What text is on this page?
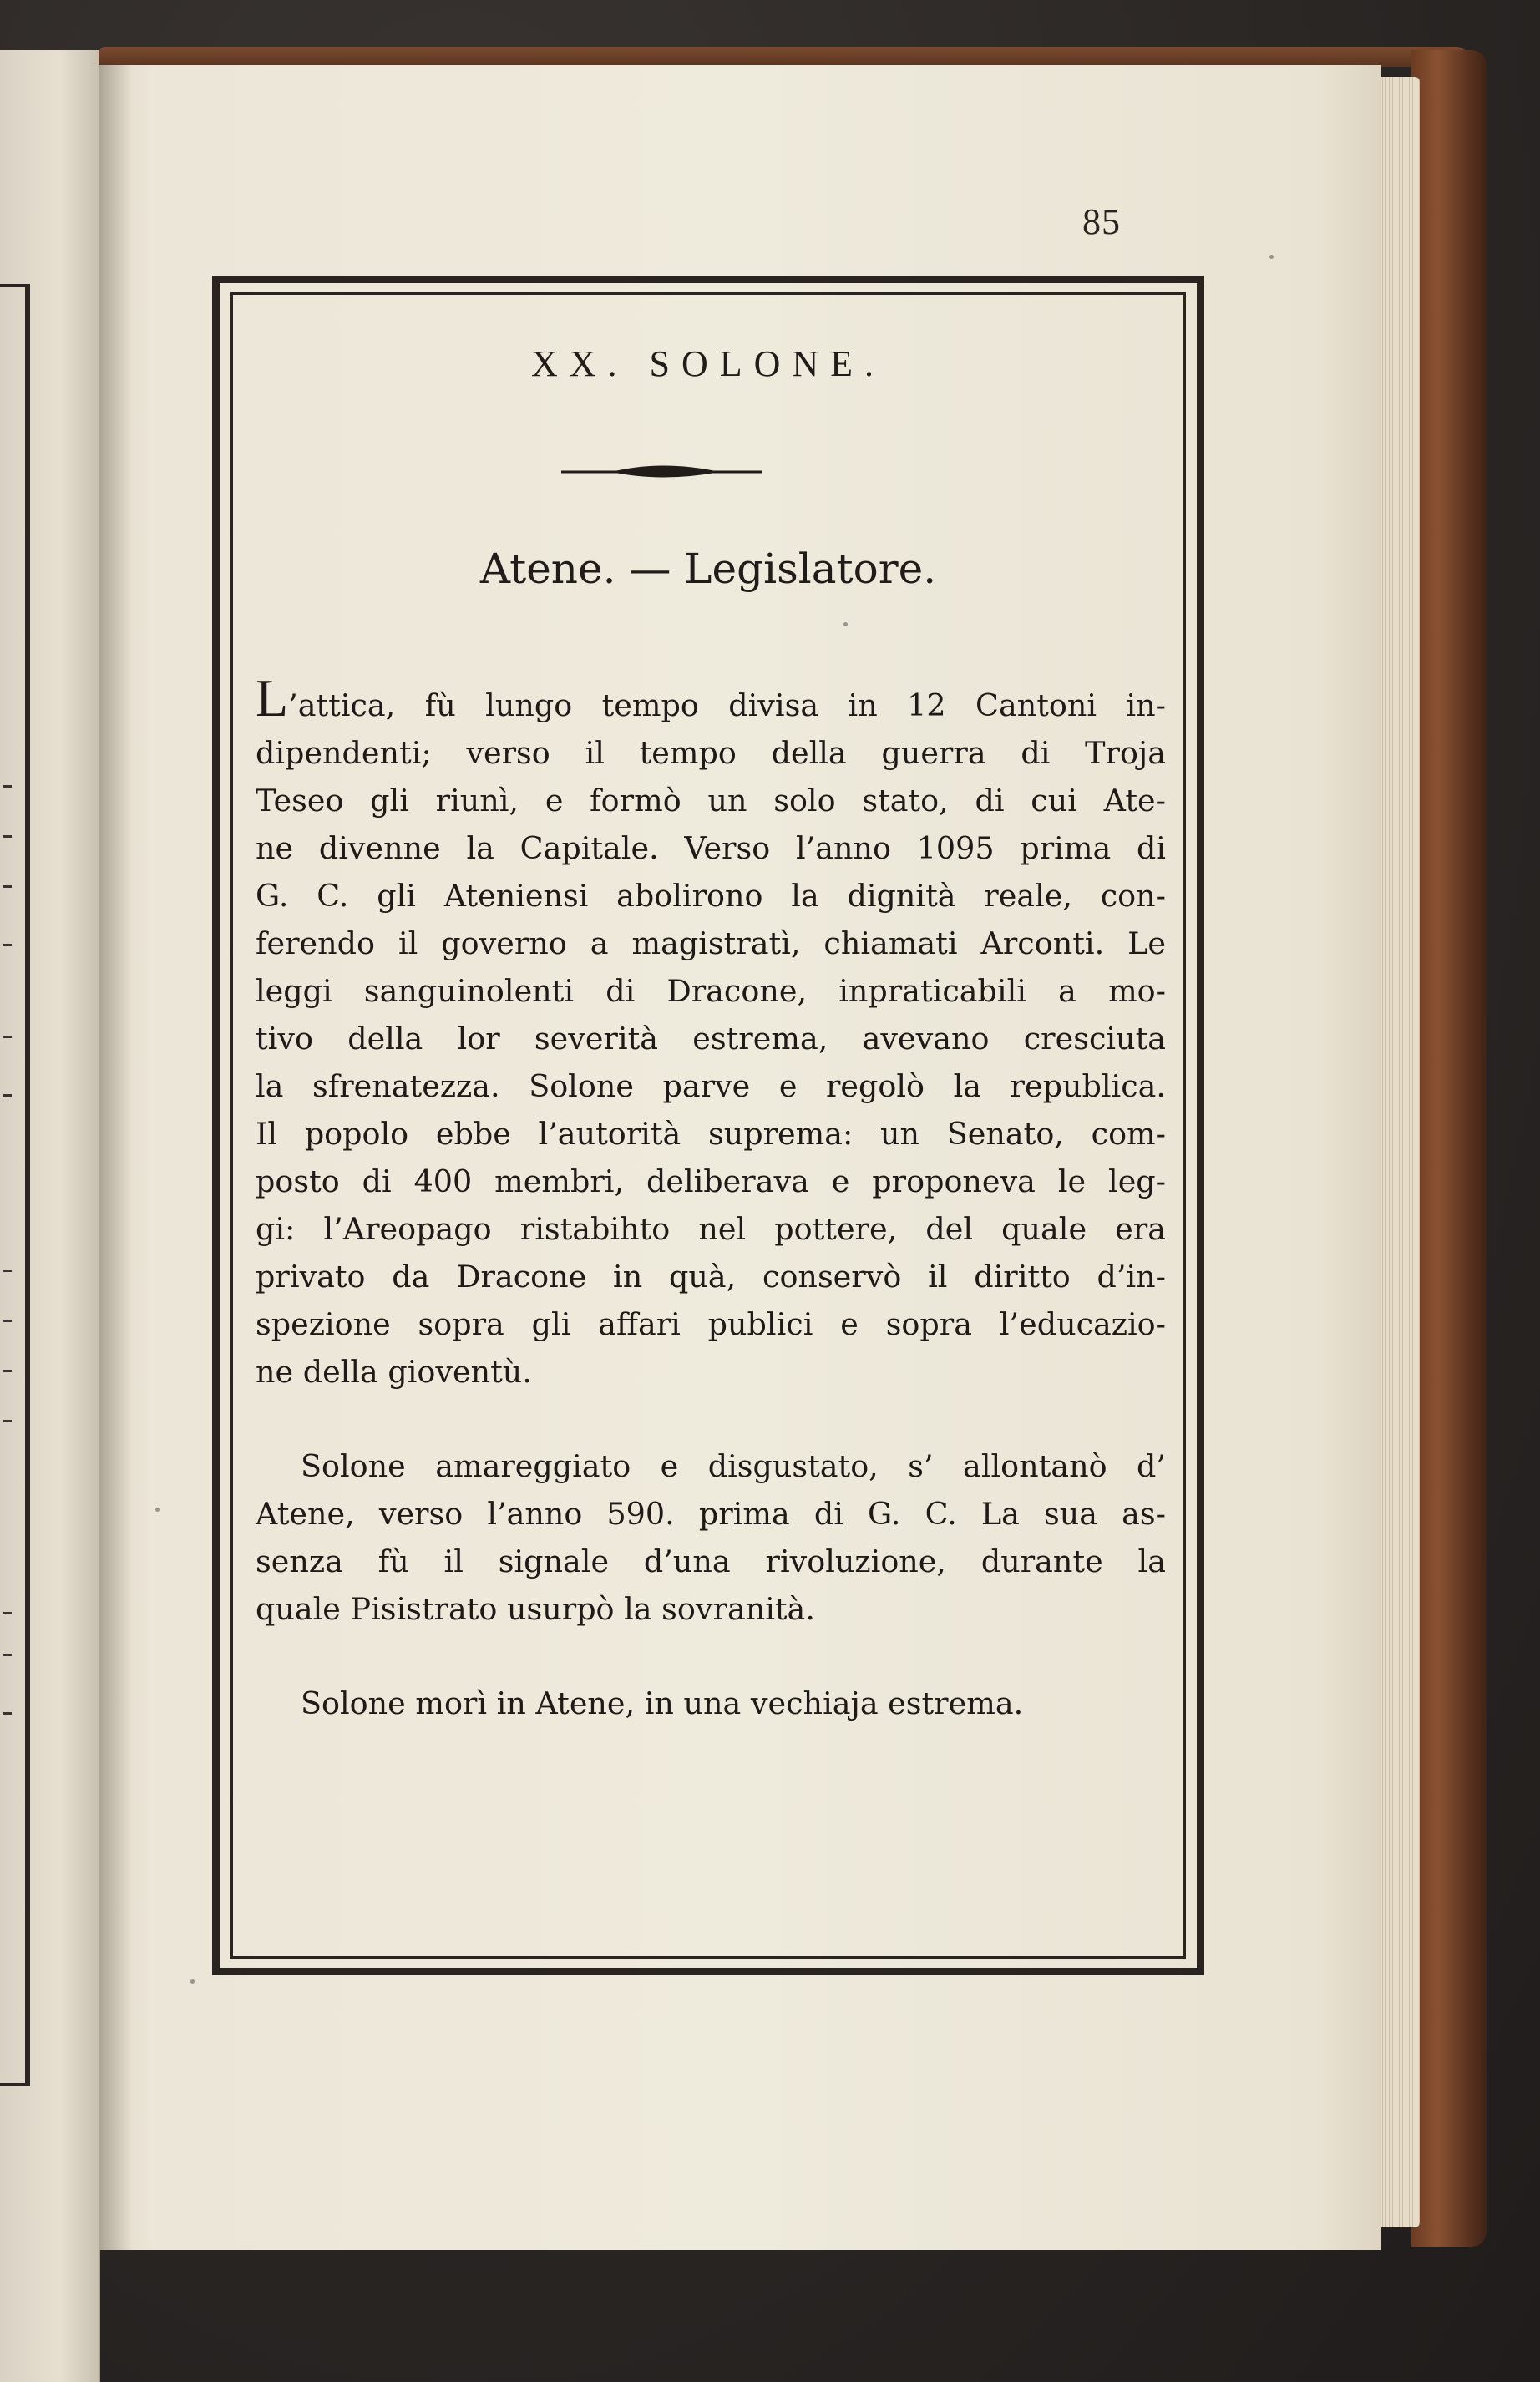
85
XX. SOLONE.
Atene. — Legislatore.
L’attica, fù lungo tempo divisa in 12 Cantoni in-
dipendenti; verso il tempo della guerra di Troja
Teseo gli riunì, e formò un solo stato, di cui Ate-
ne divenne la Capitale. Verso l’anno 1095 prima di
G. C. gli Ateniensi abolirono la dignità reale, con-
ferendo il governo a magistratì, chiamati Arconti. Le
leggi sanguinolenti di Dracone, inpraticabili a mo-
tivo della lor severità estrema, avevano cresciuta
la sfrenatezza. Solone parve e regolò la republica.
Il popolo ebbe l’autorità suprema: un Senato, com-
posto di 400 membri, deliberava e proponeva le leg-
gi: l’Areopago ristabihto nel pottere, del quale era
privato da Dracone in quà, conservò il diritto d’in-
spezione sopra gli affari publici e sopra l’educazio-
ne della gioventù.
Solone amareggiato e disgustato, s’ allontanò d’
Atene, verso l’anno 590. prima di G. C. La sua as-
senza fù il signale d’una rivoluzione, durante la
quale Pisistrato usurpò la sovranità.
Solone morì in Atene, in una vechiaja estrema.
